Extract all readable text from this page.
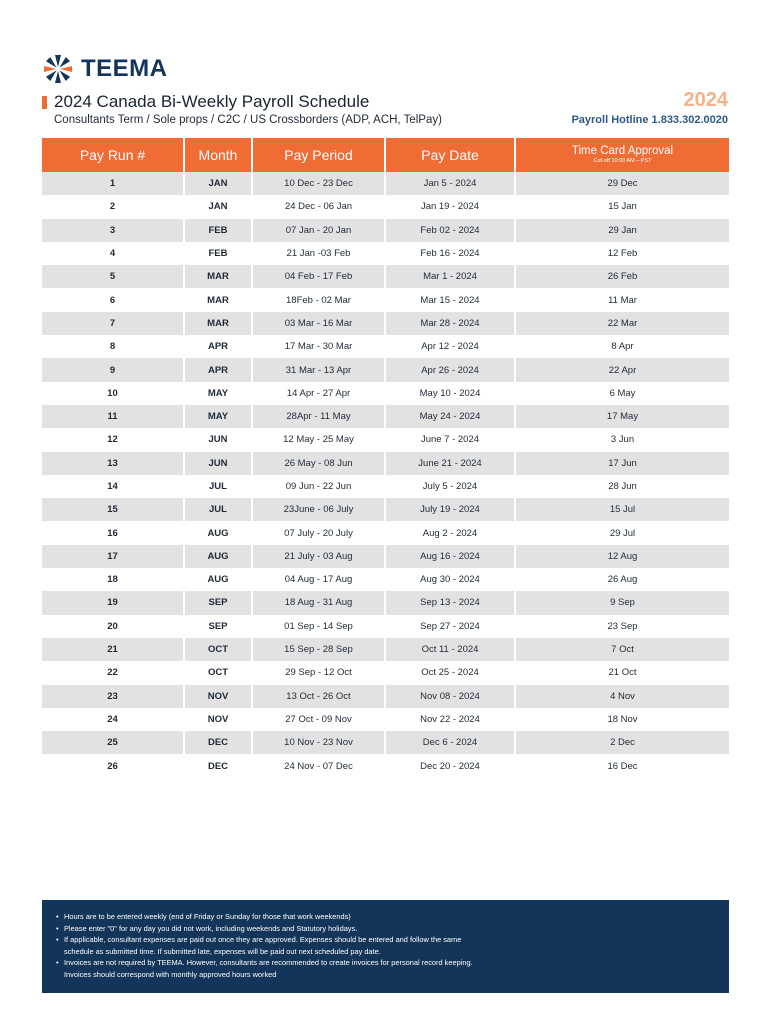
TEEMA
2024 Canada Bi-Weekly Payroll Schedule
Consultants Term / Sole props / C2C / US Crossborders (ADP, ACH, TelPay)
2024
Payroll Hotline 1.833.302.0020
Pay Run #	Month	Pay Period	Pay Date	Time Card Approval
Cut-off 10:00 AM – PST

1	JAN	10 Dec - 23 Dec	Jan 5 - 2024	29 Dec
2	JAN	24 Dec - 06 Jan	Jan 19 - 2024	15 Jan
3	FEB	07 Jan - 20 Jan	Feb 02 - 2024	29 Jan
4	FEB	21 Jan -03 Feb	Feb 16 - 2024	12 Feb
5	MAR	04 Feb - 17 Feb	Mar 1 - 2024	26 Feb
6	MAR	18Feb - 02 Mar	Mar 15 - 2024	11 Mar
7	MAR	03 Mar - 16 Mar	Mar 28 - 2024	22 Mar
8	APR	17 Mar - 30 Mar	Apr 12 - 2024	8 Apr
9	APR	31 Mar - 13 Apr	Apr 26 - 2024	22 Apr
10	MAY	14 Apr - 27 Apr	May 10 - 2024	6 May
11	MAY	28Apr - 11 May	May 24 - 2024	17 May
12	JUN	12 May - 25 May	June 7 - 2024	3 Jun
13	JUN	26 May - 08 Jun	June 21 - 2024	17 Jun
14	JUL	09 Jun - 22 Jun	July 5 - 2024	28 Jun
15	JUL	23June - 06 July	July 19 - 2024	15 Jul
16	AUG	07 July - 20 July	Aug 2 - 2024	29 Jul
17	AUG	21 July - 03 Aug	Aug 16 - 2024	12 Aug
18	AUG	04 Aug - 17 Aug	Aug 30 - 2024	26 Aug
19	SEP	18 Aug - 31 Aug	Sep 13 - 2024	9 Sep
20	SEP	01 Sep - 14 Sep	Sep 27 - 2024	23 Sep
21	OCT	15 Sep - 28 Sep	Oct 11 - 2024	7 Oct
22	OCT	29 Sep - 12 Oct	Oct 25 - 2024	21 Oct
23	NOV	13 Oct - 26 Oct	Nov 08 - 2024	4 Nov
24	NOV	27 Oct - 09 Nov	Nov 22 - 2024	18 Nov
25	DEC	10 Nov - 23 Nov	Dec 6 - 2024	2 Dec
26	DEC	24 Nov - 07 Dec	Dec 20 - 2024	16 Dec
• Hours are to be entered weekly (end of Friday or Sunday for those that work weekends)
• Please enter "0" for any day you did not work, including weekends and Statutory holidays.
• If applicable, consultant expenses are paid out once they are approved. Expenses should be entered and follow the same
schedule as submitted time. If submitted late, expenses will be paid out next scheduled pay date.
• Invoices are not required by TEEMA. However, consultants are recommended to create invoices for personal record keeping.
Invoices should correspond with monthly approved hours worked
